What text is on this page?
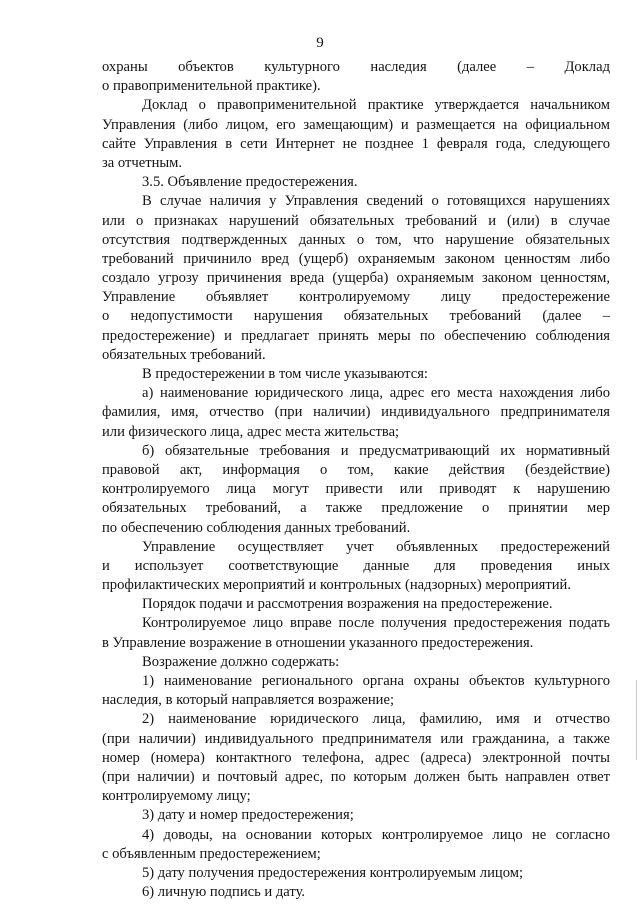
9
охраны объектов культурного наследия (далее – Доклад
о правоприменительной практике).
Доклад о правоприменительной практике утверждается начальником
Управления (либо лицом, его замещающим) и размещается на официальном
сайте Управления в сети Интернет не позднее 1 февраля года, следующего
за отчетным.
3.5. Объявление предостережения.
В случае наличия у Управления сведений о готовящихся нарушениях
или о признаках нарушений обязательных требований и (или) в случае
отсутствия подтвержденных данных о том, что нарушение обязательных
требований причинило вред (ущерб) охраняемым законом ценностям либо
создало угрозу причинения вреда (ущерба) охраняемым законом ценностям,
Управление объявляет контролируемому лицу предостережение
о недопустимости нарушения обязательных требований (далее –
предостережение) и предлагает принять меры по обеспечению соблюдения
обязательных требований.
В предостережении в том числе указываются:
а) наименование юридического лица, адрес его места нахождения либо
фамилия, имя, отчество (при наличии) индивидуального предпринимателя
или физического лица, адрес места жительства;
б) обязательные требования и предусматривающий их нормативный
правовой акт, информация о том, какие действия (бездействие)
контролируемого лица могут привести или приводят к нарушению
обязательных требований, а также предложение о принятии мер
по обеспечению соблюдения данных требований.
Управление осуществляет учет объявленных предостережений
и использует соответствующие данные для проведения иных
профилактических мероприятий и контрольных (надзорных) мероприятий.
Порядок подачи и рассмотрения возражения на предостережение.
Контролируемое лицо вправе после получения предостережения подать
в Управление возражение в отношении указанного предостережения.
Возражение должно содержать:
1) наименование регионального органа охраны объектов культурного
наследия, в который направляется возражение;
2) наименование юридического лица, фамилию, имя и отчество
(при наличии) индивидуального предпринимателя или гражданина, а также
номер (номера) контактного телефона, адрес (адреса) электронной почты
(при наличии) и почтовый адрес, по которым должен быть направлен ответ
контролируемому лицу;
3) дату и номер предостережения;
4) доводы, на основании которых контролируемое лицо не согласно
с объявленным предостережением;
5) дату получения предостережения контролируемым лицом;
6) личную подпись и дату.
